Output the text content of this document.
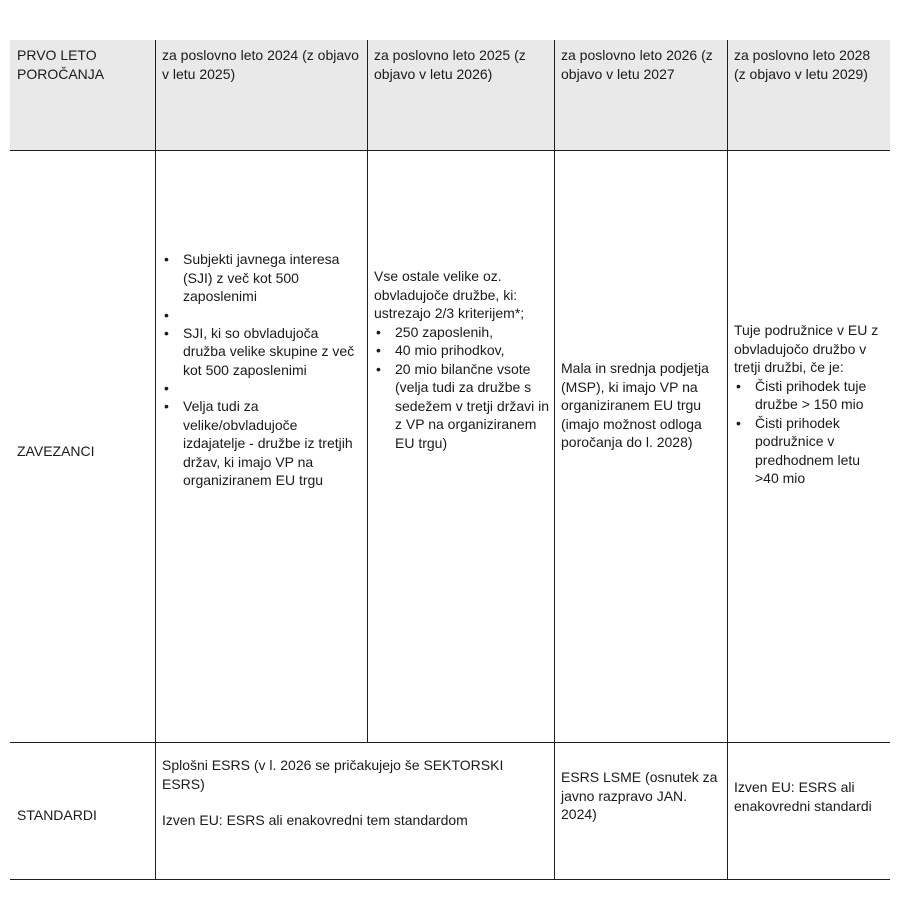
PRVO LETO POROČANJA
za poslovno leto 2024 (z objavo v letu 2025)
za poslovno leto 2025 (z objavo v letu 2026)
za poslovno leto 2026 (z objavo v letu 2027
za poslovno leto 2028 (z objavo v letu 2029)
ZAVEZANCI
• Subjekti javnega interesa (SJI) z več kot 500 zaposlenimi
•
• SJI, ki so obvladujoča družba velike skupine z več kot 500 zaposlenimi
•
• Velja tudi za velike/obvladujoče izdajatelje - družbe iz tretjih držav, ki imajo VP na organiziranem EU trgu

Vse ostale velike oz. obvladujoče družbe, ki: ustrezajo 2/3 kriterijem*;

• 250 zaposlenih,
• 40 mio prihodkov,
• 20 mio bilančne vsote

(velja tudi za družbe s sedežem v tretji državi in z VP na organiziranem EU trgu)

Mala in srednja podjetja (MSP), ki imajo VP na organiziranem EU trgu (imajo možnost odloga poročanja do l. 2028)

Tuje podružnice v EU z obvladujočo družbo v tretji družbi, če je:

• Čisti prihodek tuje družbe > 150 mio
• Čisti prihodek podružnice v predhodnem letu >40 mio
STANDARDI

Splošni ESRS (v l. 2026 se pričakujejo še SEKTORSKI ESRS)

Izven EU: ESRS ali enakovredni tem standardom

ESRS LSME (osnutek za javno razpravo JAN. 2024)
Izven EU: ESRS ali enakovredni standardi
